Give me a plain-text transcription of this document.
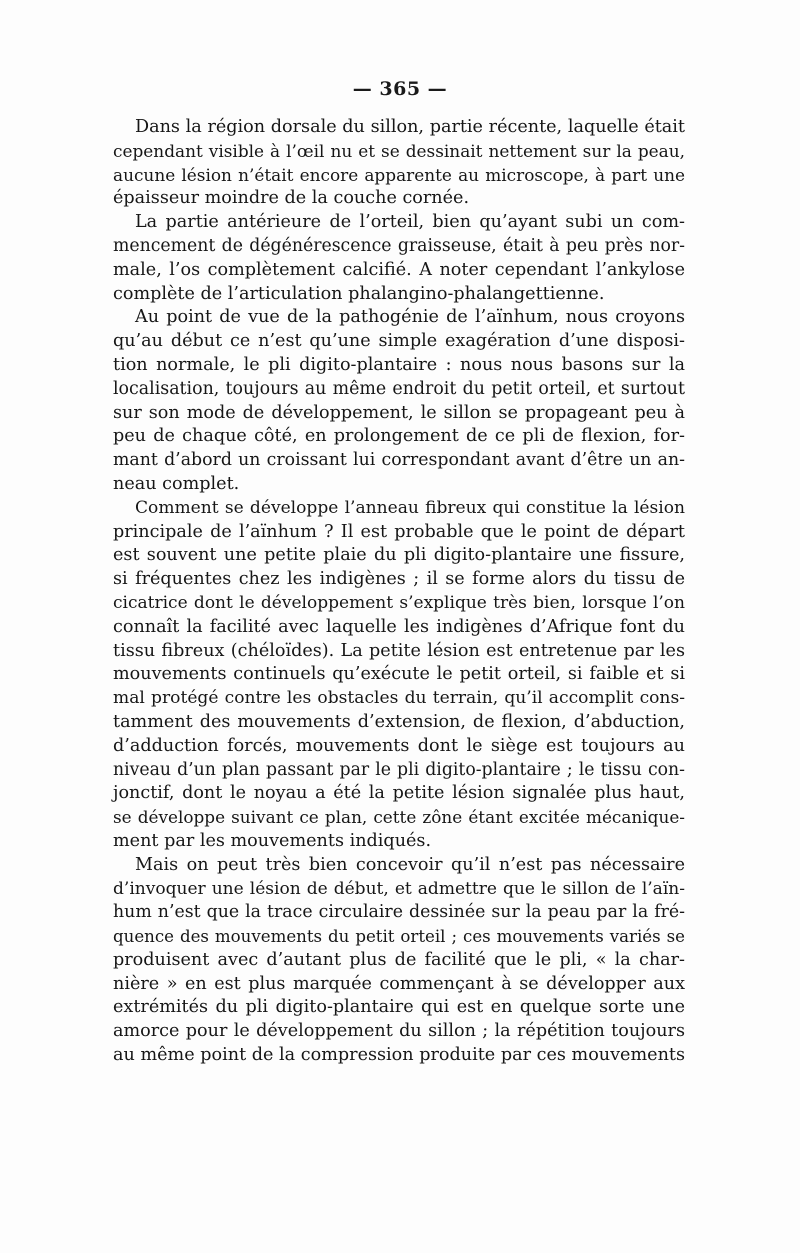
— 365 —
Dans la région dorsale du sillon, partie récente, laquelle était
cependant visible à l’œil nu et se dessinait nettement sur la peau,
aucune lésion n’était encore apparente au microscope, à part une
épaisseur moindre de la couche cornée.
La partie antérieure de l’orteil, bien qu’ayant subi un com-
mencement de dégénérescence graisseuse, était à peu près nor-
male, l’os complètement calcifié. A noter cependant l’ankylose
complète de l’articulation phalangino-phalangettienne.
Au point de vue de la pathogénie de l’aïnhum, nous croyons
qu’au début ce n’est qu’une simple exagération d’une disposi-
tion normale, le pli digito-plantaire : nous nous basons sur la
localisation, toujours au même endroit du petit orteil, et surtout
sur son mode de développement, le sillon se propageant peu à
peu de chaque côté, en prolongement de ce pli de flexion, for-
mant d’abord un croissant lui correspondant avant d’être un an-
neau complet.
Comment se développe l’anneau fibreux qui constitue la lésion
principale de l’aïnhum ? Il est probable que le point de départ
est souvent une petite plaie du pli digito-plantaire une fissure,
si fréquentes chez les indigènes ; il se forme alors du tissu de
cicatrice dont le développement s’explique très bien, lorsque l’on
connaît la facilité avec laquelle les indigènes d’Afrique font du
tissu fibreux (chéloïdes). La petite lésion est entretenue par les
mouvements continuels qu’exécute le petit orteil, si faible et si
mal protégé contre les obstacles du terrain, qu’il accomplit cons-
tamment des mouvements d’extension, de flexion, d’abduction,
d’adduction forcés, mouvements dont le siège est toujours au
niveau d’un plan passant par le pli digito-plantaire ; le tissu con-
jonctif, dont le noyau a été la petite lésion signalée plus haut,
se développe suivant ce plan, cette zône étant excitée mécanique-
ment par les mouvements indiqués.
Mais on peut très bien concevoir qu’il n’est pas nécessaire
d’invoquer une lésion de début, et admettre que le sillon de l’aïn-
hum n’est que la trace circulaire dessinée sur la peau par la fré-
quence des mouvements du petit orteil ; ces mouvements variés se
produisent avec d’autant plus de facilité que le pli, « la char-
nière » en est plus marquée commençant à se développer aux
extrémités du pli digito-plantaire qui est en quelque sorte une
amorce pour le développement du sillon ; la répétition toujours
au même point de la compression produite par ces mouvements
